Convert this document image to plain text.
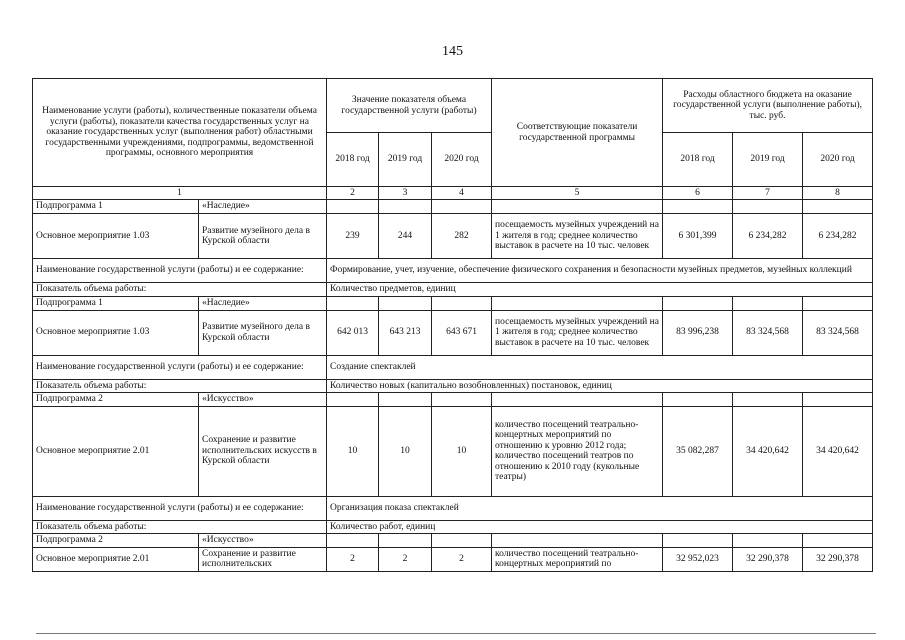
145
Наименование услуги (работы), количественные показатели объема услуги (работы), показатели качества государственных услуг на оказание государственных услуг (выполнения работ) областными государственными учреждениями, подпрограммы, ведомственной программы, основного мероприятия		Значение показателя объема государственной услуги (работы)			Соответствующие показатели государственной программы	Расходы областного бюджета на оказание государственной услуги (выполнение работы), тыс. руб.		
		2018 год	2019 год	2020 год		2018 год	2019 год	2020 год
1		2	3	4	5	6	7	8
Подпрограмма 1	«Наследие»							
Основное мероприятие 1.03	Развитие музейного дела в Курской области	239	244	282	посещаемость музейных учреждений на 1 жителя в год; среднее количество выставок в расчете на 10 тыс. человек	6 301,399	6 234,282	6 234,282
Наименование государственной услуги (работы) и ее содержание:		Формирование, учет, изучение, обеспечение физического сохранения и безопасности музейных предметов, музейных коллекций						
Показатель объема работы:		Количество предметов, единиц						
Подпрограмма 1	«Наследие»							
Основное мероприятие 1.03	Развитие музейного дела в Курской области	642 013	643 213	643 671	посещаемость музейных учреждений на 1 жителя в год; среднее количество выставок в расчете на 10 тыс. человек	83 996,238	83 324,568	83 324,568
Наименование государственной услуги (работы) и ее содержание:		Создание спектаклей						
Показатель объема работы:		Количество новых (капитально возобновленных) постановок, единиц						
Подпрограмма 2	«Искусство»							
Основное мероприятие 2.01	Сохранение и развитие исполнительских искусств в Курской области	10	10	10	количество посещений театрально-концертных мероприятий по отношению к уровню 2012 года; количество посещений театров по отношению к 2010 году (кукольные театры)	35 082,287	34 420,642	34 420,642
Наименование государственной услуги (работы) и ее содержание:		Организация показа спектаклей						
Показатель объема работы:		Количество работ, единиц						
Подпрограмма 2	«Искусство»							
Основное мероприятие 2.01	Сохранение и развитие исполнительских	2	2	2	количество посещений театрально-концертных мероприятий по	32 952,023	32 290,378	32 290,378
